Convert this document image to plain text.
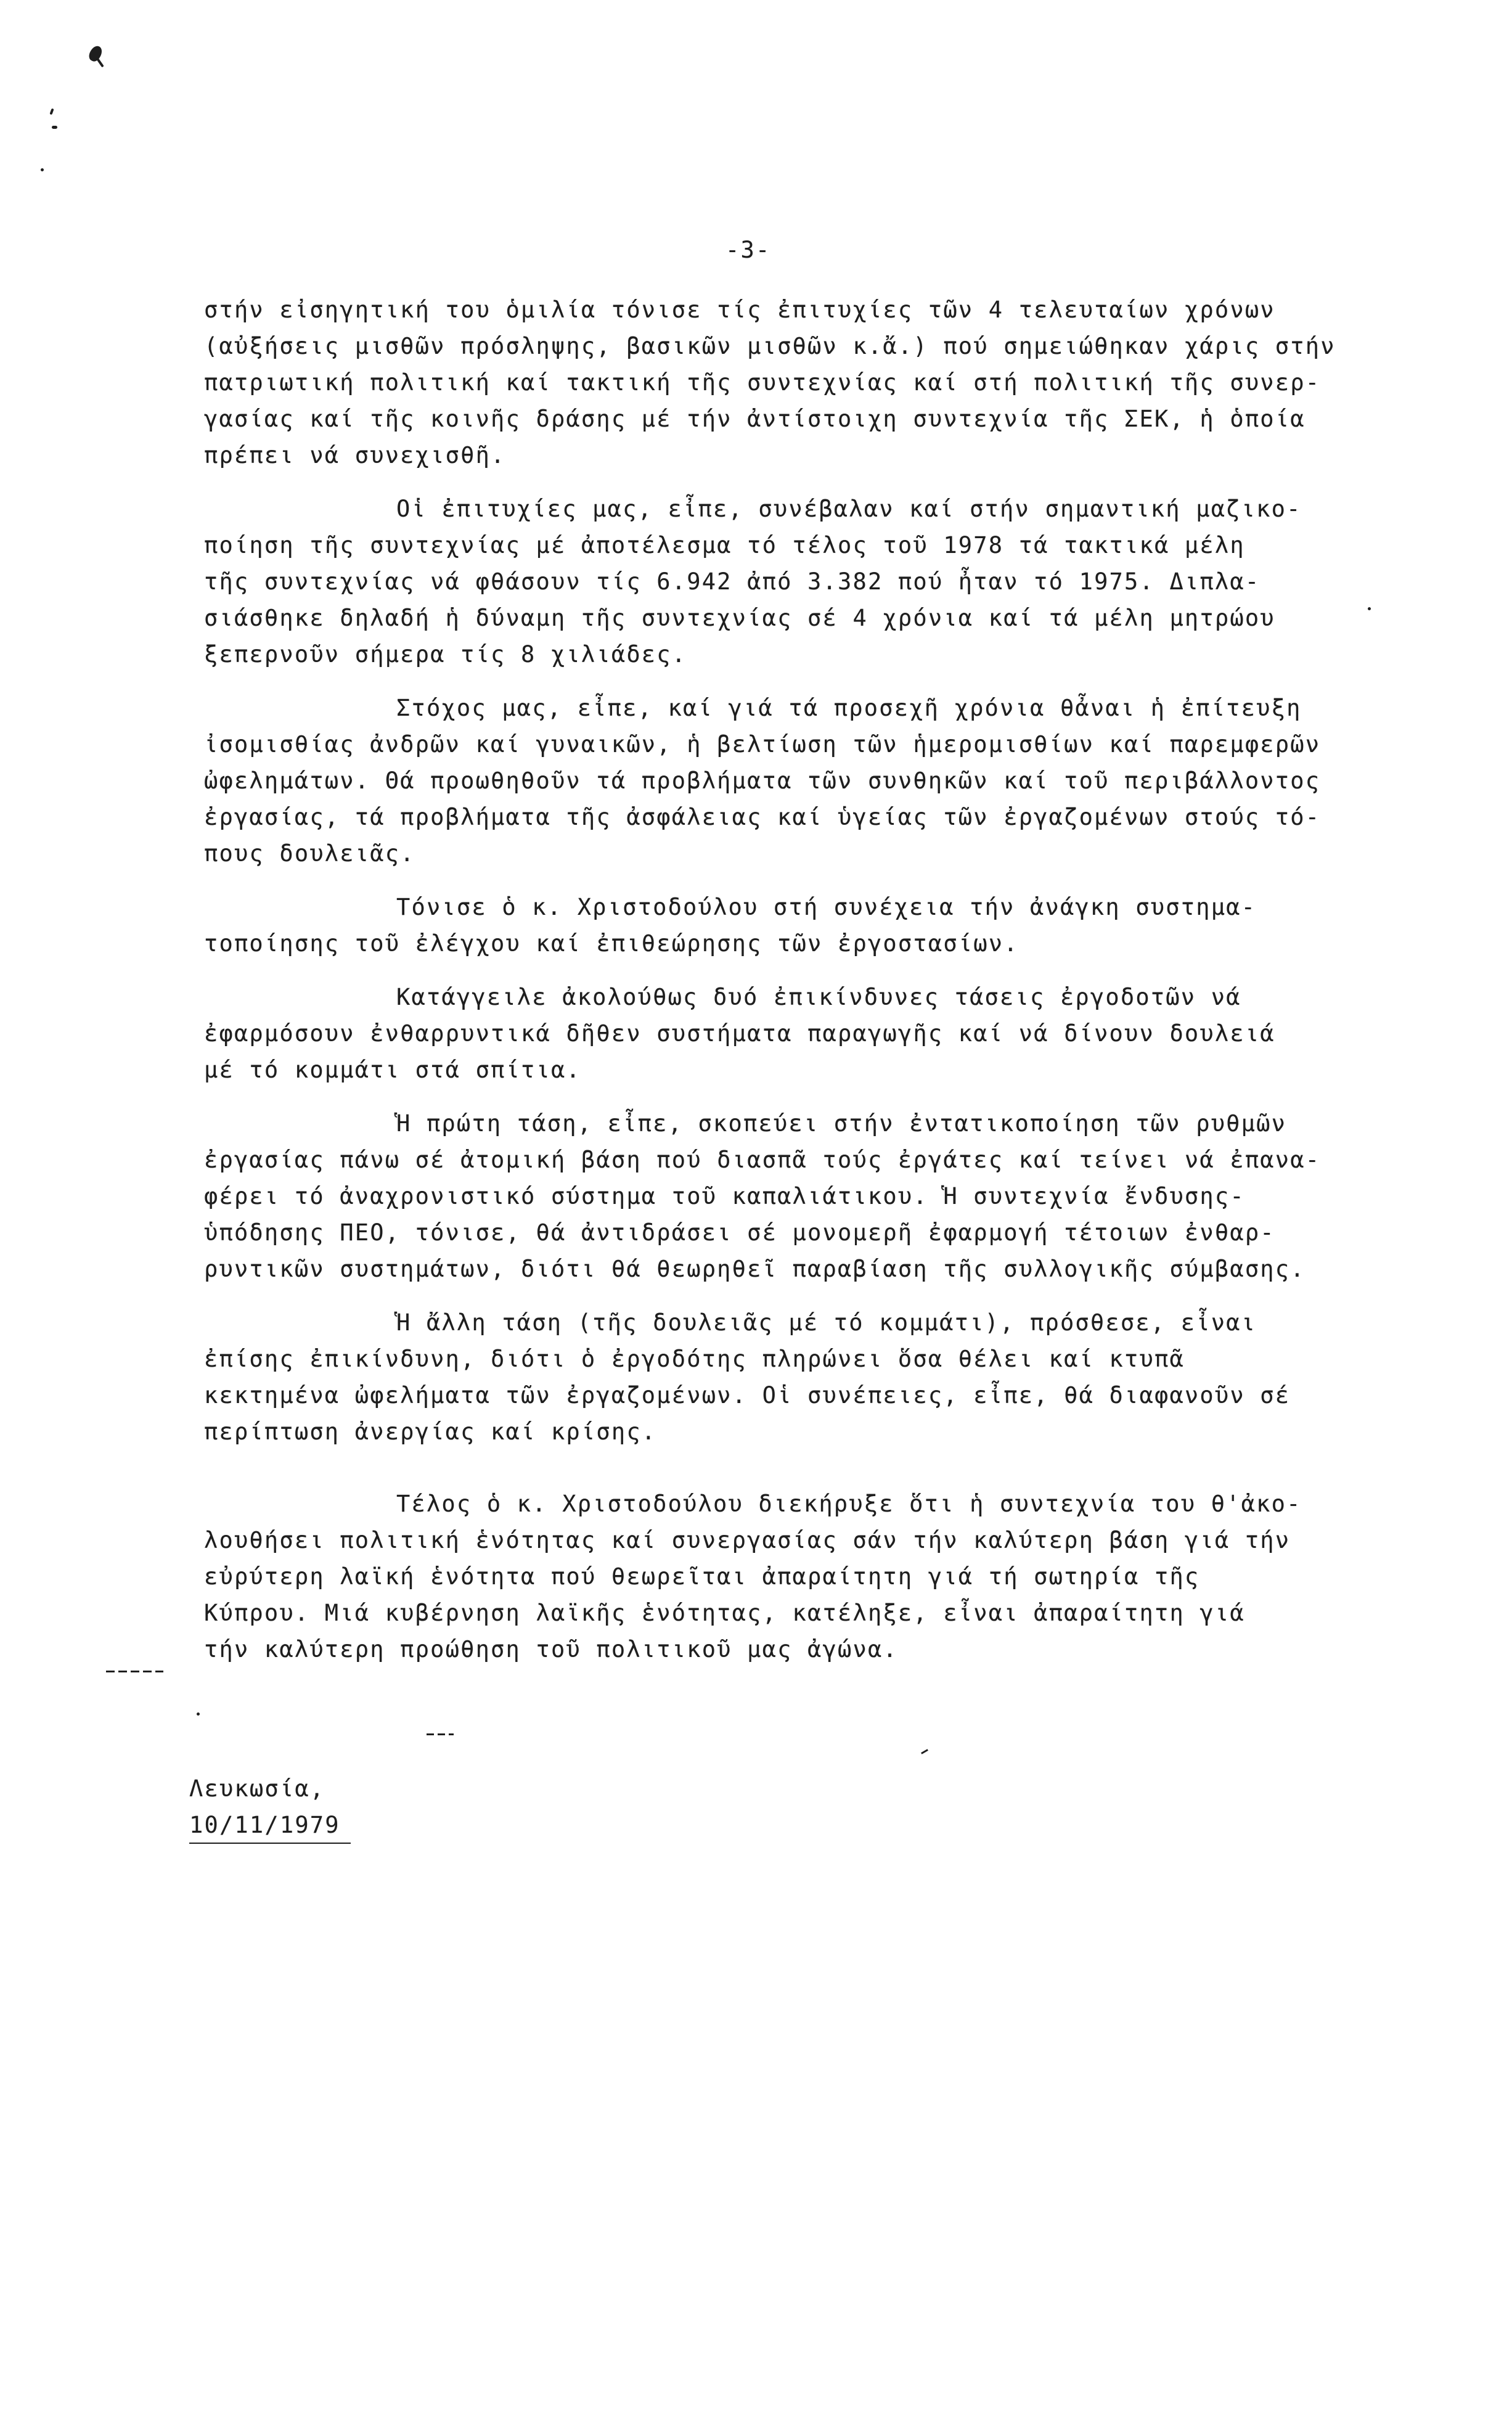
-3-
στήν εἰσηγητική του ὁμιλία τόνισε τίς ἐπιτυχίες τῶν 4 τελευταίων χρόνων
(αὐξήσεις μισθῶν πρόσληψης, βασικῶν μισθῶν κ.ἄ.) πού σημειώθηκαν χάρις στήν
πατριωτική πολιτική καί τακτική τῆς συντεχνίας καί στή πολιτική τῆς συνερ-
γασίας καί τῆς κοινῆς δράσης μέ τήν ἀντίστοιχη συντεχνία τῆς ΣΕΚ, ἡ ὁποία
πρέπει νά συνεχισθῆ.
Οἱ ἐπιτυχίες μας, εἶπε, συνέβαλαν καί στήν σημαντική μαζικο-
ποίηση τῆς συντεχνίας μέ ἀποτέλεσμα τό τέλος τοῦ 1978 τά τακτικά μέλη
τῆς συντεχνίας νά φθάσουν τίς 6.942 ἀπό 3.382 πού ἦταν τό 1975. Διπλα-
σιάσθηκε δηλαδή ἡ δύναμη τῆς συντεχνίας σέ 4 χρόνια καί τά μέλη μητρώου
ξεπερνοῦν σήμερα τίς 8 χιλιάδες.
Στόχος μας, εἶπε, καί γιά τά προσεχῆ χρόνια θἆναι ἡ ἐπίτευξη
ἰσομισθίας ἀνδρῶν καί γυναικῶν, ἡ βελτίωση τῶν ἡμερομισθίων καί παρεμφερῶν
ὠφελημάτων. Θά προωθηθοῦν τά προβλήματα τῶν συνθηκῶν καί τοῦ περιβάλλοντος
ἐργασίας, τά προβλήματα τῆς ἀσφάλειας καί ὑγείας τῶν ἐργαζομένων στούς τό-
πους δουλειᾶς.
Τόνισε ὁ κ. Χριστοδούλου στή συνέχεια τήν ἀνάγκη συστημα-
τοποίησης τοῦ ἐλέγχου καί ἐπιθεώρησης τῶν ἐργοστασίων.
Κατάγγειλε ἀκολούθως δυό ἐπικίνδυνες τάσεις ἐργοδοτῶν νά
ἐφαρμόσουν ἐνθαρρυντικά δῆθεν συστήματα παραγωγῆς καί νά δίνουν δουλειά
μέ τό κομμάτι στά σπίτια.
Ἡ πρώτη τάση, εἶπε, σκοπεύει στήν ἐντατικοποίηση τῶν ρυθμῶν
ἐργασίας πάνω σέ ἀτομική βάση πού διασπᾶ τούς ἐργάτες καί τείνει νά ἐπανα-
φέρει τό ἀναχρονιστικό σύστημα τοῦ καπαλιάτικου. Ἡ συντεχνία ἔνδυσης-
ὑπόδησης ΠΕΟ, τόνισε, θά ἀντιδράσει σέ μονομερῆ ἐφαρμογή τέτοιων ἐνθαρ-
ρυντικῶν συστημάτων, διότι θά θεωρηθεῖ παραβίαση τῆς συλλογικῆς σύμβασης.
Ἡ ἄλλη τάση (τῆς δουλειᾶς μέ τό κομμάτι), πρόσθεσε, εἶναι
ἐπίσης ἐπικίνδυνη, διότι ὁ ἐργοδότης πληρώνει ὅσα θέλει καί κτυπᾶ
κεκτημένα ὠφελήματα τῶν ἐργαζομένων. Οἱ συνέπειες, εἶπε, θά διαφανοῦν σέ
περίπτωση ἀνεργίας καί κρίσης.
Τέλος ὁ κ. Χριστοδούλου διεκήρυξε ὅτι ἡ συντεχνία του θ'ἀκο-
λουθήσει πολιτική ἑνότητας καί συνεργασίας σάν τήν καλύτερη βάση γιά τήν
εὐρύτερη λαϊκή ἑνότητα πού θεωρεῖται ἀπαραίτητη γιά τή σωτηρία τῆς
Κύπρου. Μιά κυβέρνηση λαϊκῆς ἑνότητας, κατέληξε, εἶναι ἀπαραίτητη γιά
τήν καλύτερη προώθηση τοῦ πολιτικοῦ μας ἀγώνα.
Λευκωσία,
10/11/1979
